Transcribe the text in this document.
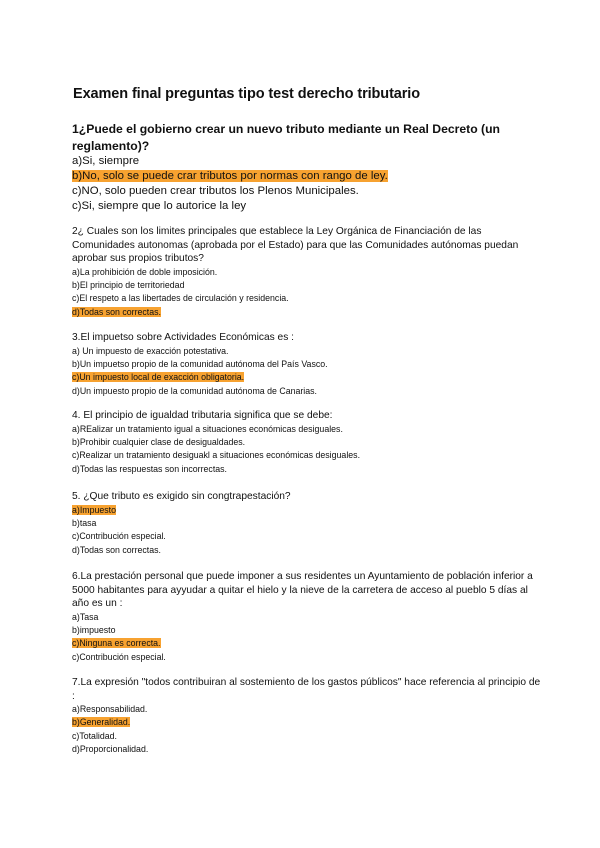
Examen final preguntas tipo test derecho tributario
1¿Puede el gobierno crear un nuevo tributo mediante un Real Decreto (un reglamento)?
a)Si, siempre
b)No, solo se puede crar tributos por normas con rango de ley.
c)NO, solo pueden crear tributos los Plenos Municipales.
c)Si, siempre que lo autorice la ley
2¿ Cuales son los limites principales que establece la Ley Orgánica de Financiación de las Comunidades autonomas (aprobada por el Estado) para que las Comunidades autónomas puedan aprobar sus propios tributos?
a)La prohibición de doble imposición.
b)El principio de territoriedad
c)El respeto a las libertades de circulación y residencia.
d)Todas son correctas.
3.El impuetso sobre Actividades Económicas es :
a) Un impuesto de exacción potestativa.
b)Un impuetso propio de la comunidad autónoma del País Vasco.
c)Un impuesto local de exacción obligatoria.
d)Un impuesto propio de la comunidad autónoma de Canarias.
4. El principio de igualdad tributaria significa que se debe:
a)REalizar un tratamiento igual a situaciones económicas desiguales.
b)Prohibir cualquier clase de desigualdades.
c)Realizar un tratamiento desiguakl a situaciones económicas desiguales.
d)Todas las respuestas son incorrectas.
5. ¿Que tributo es exigido sin congtrapestación?
a)Impuesto
b)tasa
c)Contribución especial.
d)Todas son correctas.
6.La prestación personal que puede imponer a sus residentes un Ayuntamiento de población inferior a 5000 habitantes para ayyudar a quitar el hielo y la nieve de la carretera de acceso al pueblo 5 días al año es un :
a)Tasa
b)impuesto
c)Ninguna es correcta.
c)Contribución especial.
7.La expresión "todos contribuiran al sostemiento de los gastos públicos" hace referencia al principio de :
a)Responsabilidad.
b)Generalidad.
c)Totalidad.
d)Proporcionalidad.
